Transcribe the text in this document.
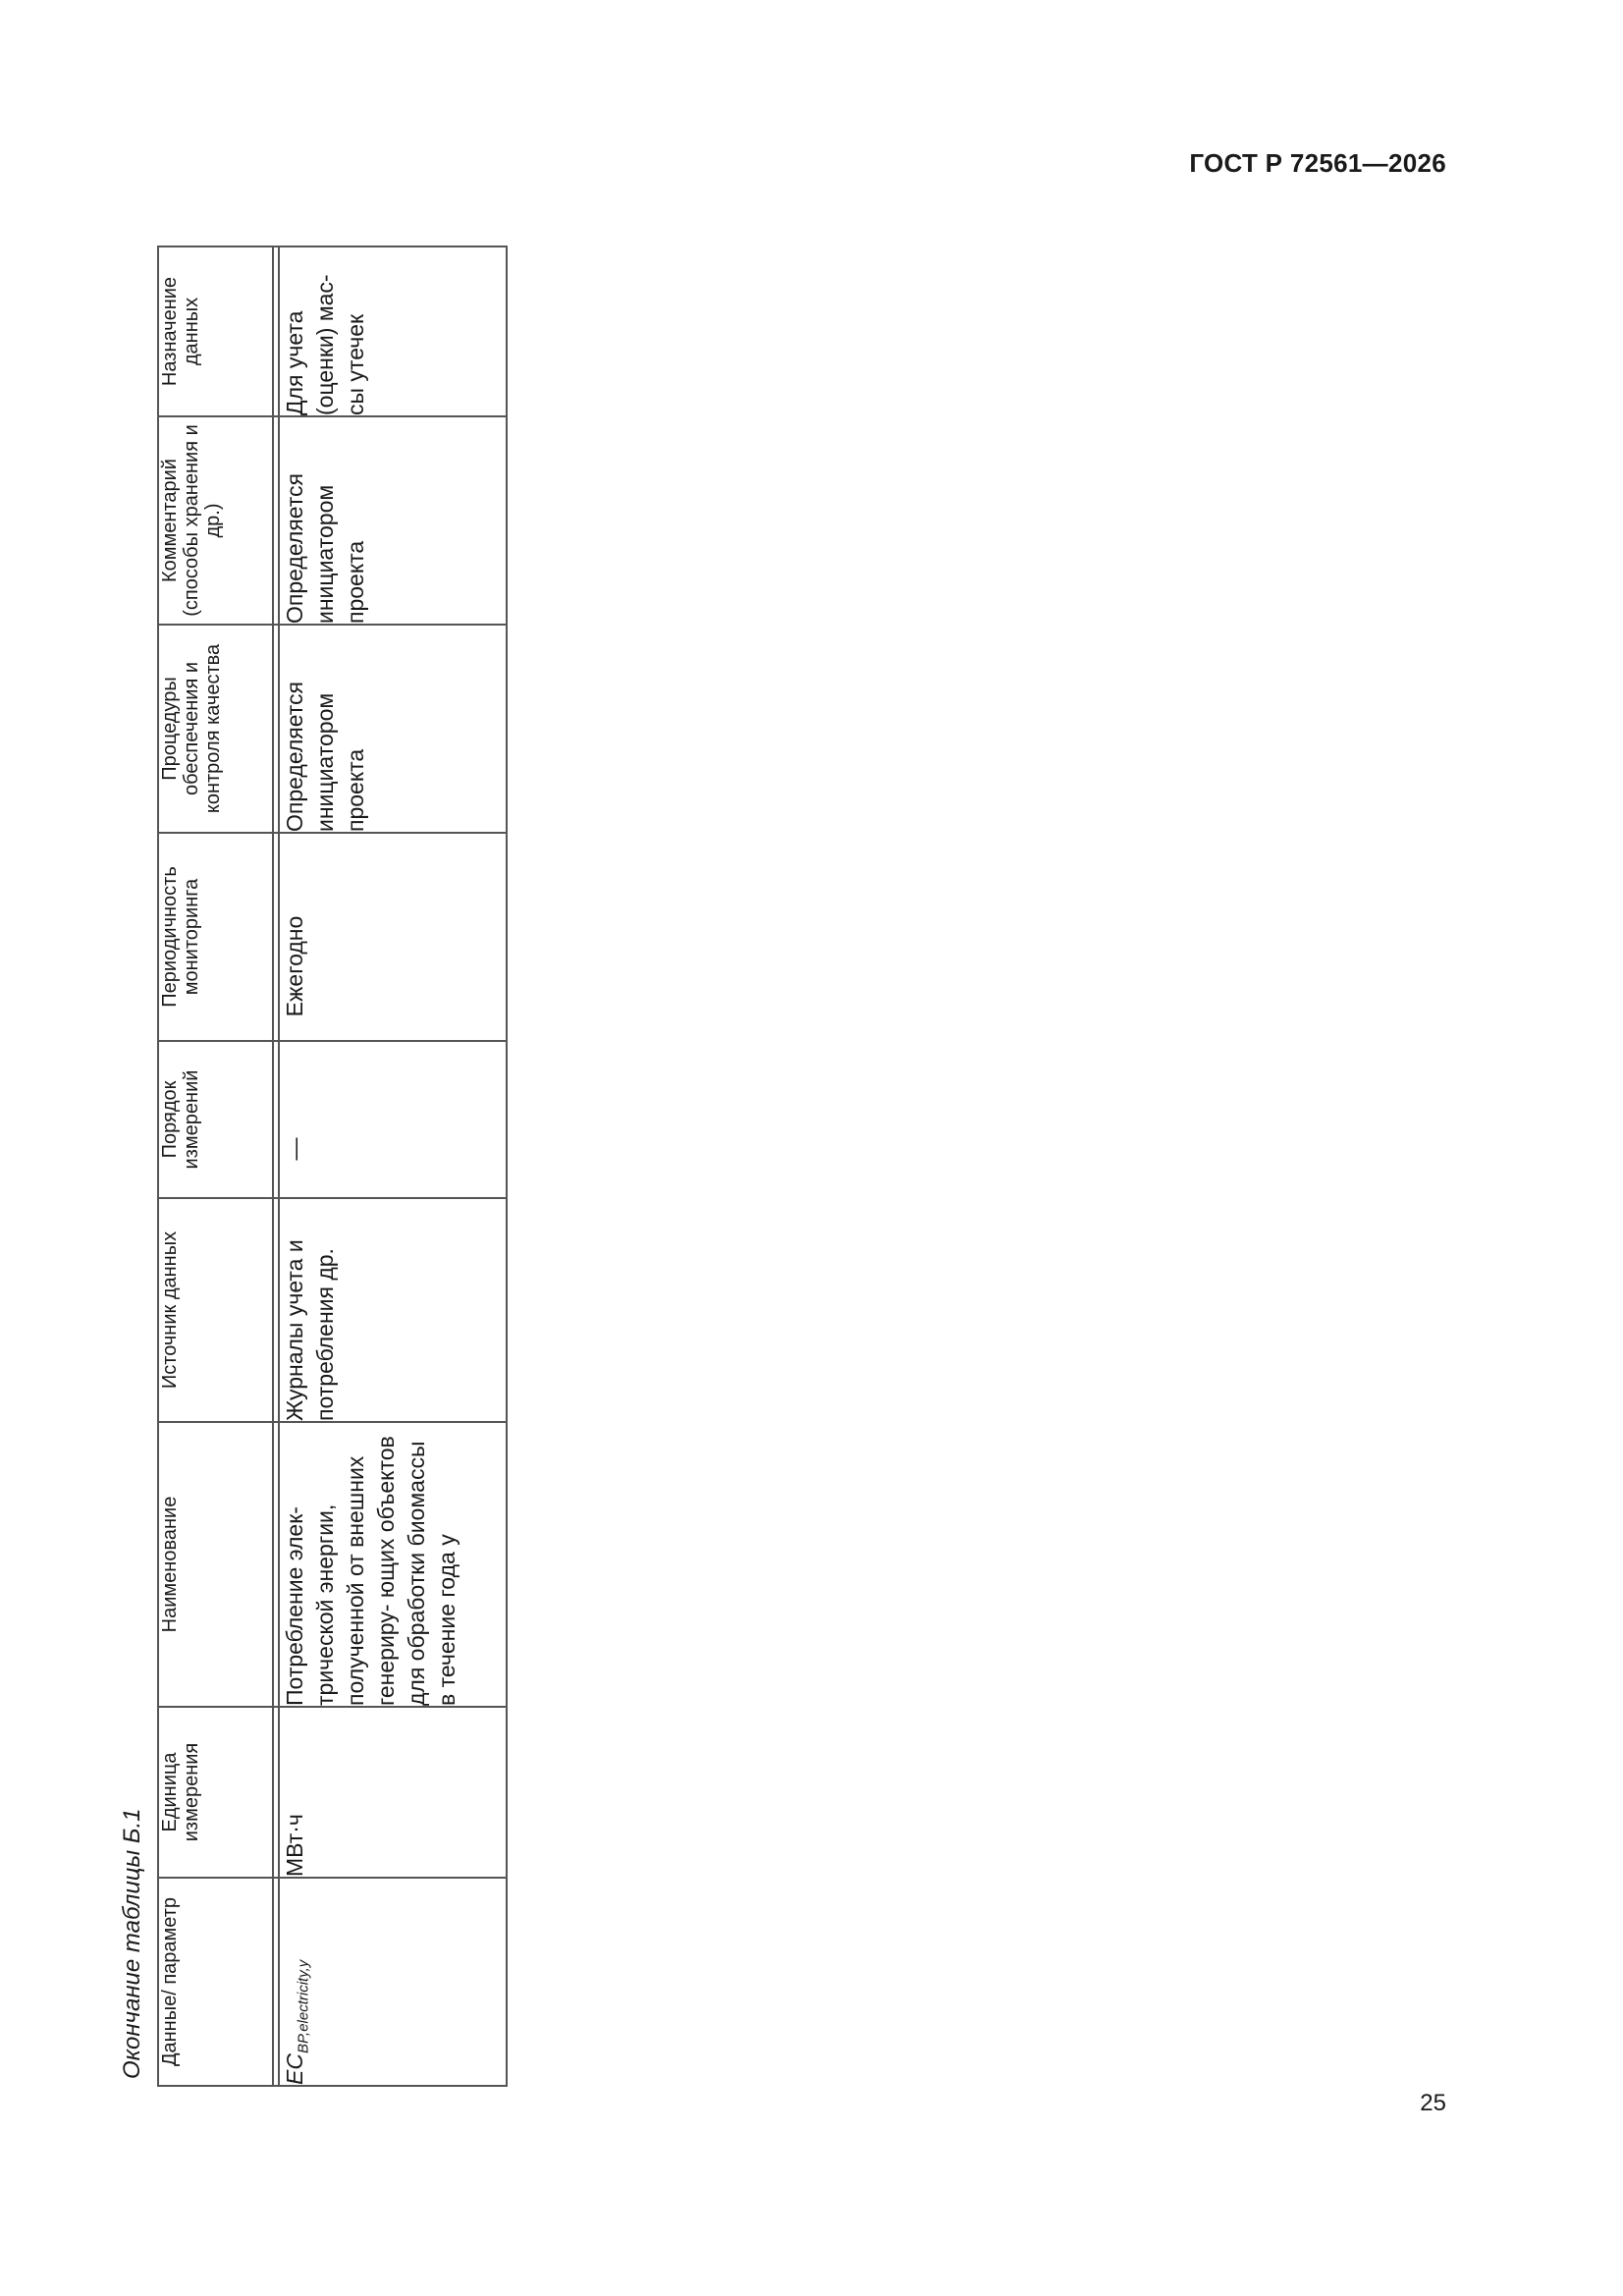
ГОСТ Р 72561—2026
Окончание таблицы Б.1 Данные/ параметр	Единица измерения	Наименование	Источник данных	Порядок измерений	Периодичность мониторинга	Процедуры обеспечения и контроля качества	Комментарий (способы хранения и др.)	Назначение данных

$EC_{BP,electricity,y}$	МВт·ч	Потребление элек- трической энергии, полученной от внешних генериру- ющих объектов для обработки биомассы в течение года y	Журналы учета и потребления др.	—	Ежегодно	Определяется инициатором проекта	Определяется инициатором проекта	Для учета (оценки) мас- сы утечек
25
